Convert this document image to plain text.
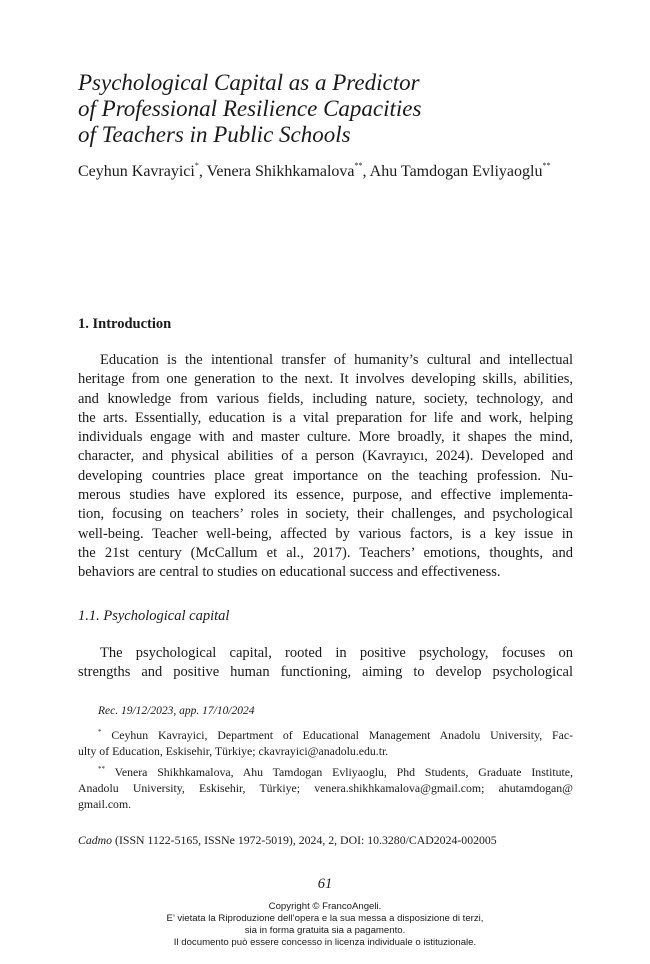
Psychological Capital as a Predictor
of Professional Resilience Capacities
of Teachers in Public Schools
Ceyhun Kavrayici*, Venera Shikhkamalova**, Ahu Tamdogan Evliyaoglu**
1. Introduction
Education is the intentional transfer of humanity’s cultural and intellectual
heritage from one generation to the next. It involves developing skills, abilities,
and knowledge from various fields, including nature, society, technology, and
the arts. Essentially, education is a vital preparation for life and work, helping
individuals engage with and master culture. More broadly, it shapes the mind,
character, and physical abilities of a person (Kavrayıcı, 2024). Developed and
developing countries place great importance on the teaching profession. Nu-
merous studies have explored its essence, purpose, and effective implementa-
tion, focusing on teachers’ roles in society, their challenges, and psychological
well-being. Teacher well-being, affected by various factors, is a key issue in
the 21st century (McCallum et al., 2017). Teachers’ emotions, thoughts, and
behaviors are central to studies on educational success and effectiveness.
1.1. Psychological capital
The psychological capital, rooted in positive psychology, focuses on
strengths and positive human functioning, aiming to develop psychological
Rec. 19/12/2023, app. 17/10/2024
* Ceyhun Kavrayici, Department of Educational Management Anadolu University, Fac-
ulty of Education, Eskisehir, Türkiye; ckavrayici@anadolu.edu.tr.
** Venera Shikhkamalova, Ahu Tamdogan Evliyaoglu, Phd Students, Graduate Institute,
Anadolu University, Eskisehir, Türkiye; venera.shikhkamalova@gmail.com; ahutamdogan@
gmail.com.
Cadmo (ISSN 1122-5165, ISSNe 1972-5019), 2024, 2, DOI: 10.3280/CAD2024-002005
61
Copyright © FrancoAngeli.
E’ vietata la Riproduzione dell’opera e la sua messa a disposizione di terzi,
sia in forma gratuita sia a pagamento.
Il documento può essere concesso in licenza individuale o istituzionale.
